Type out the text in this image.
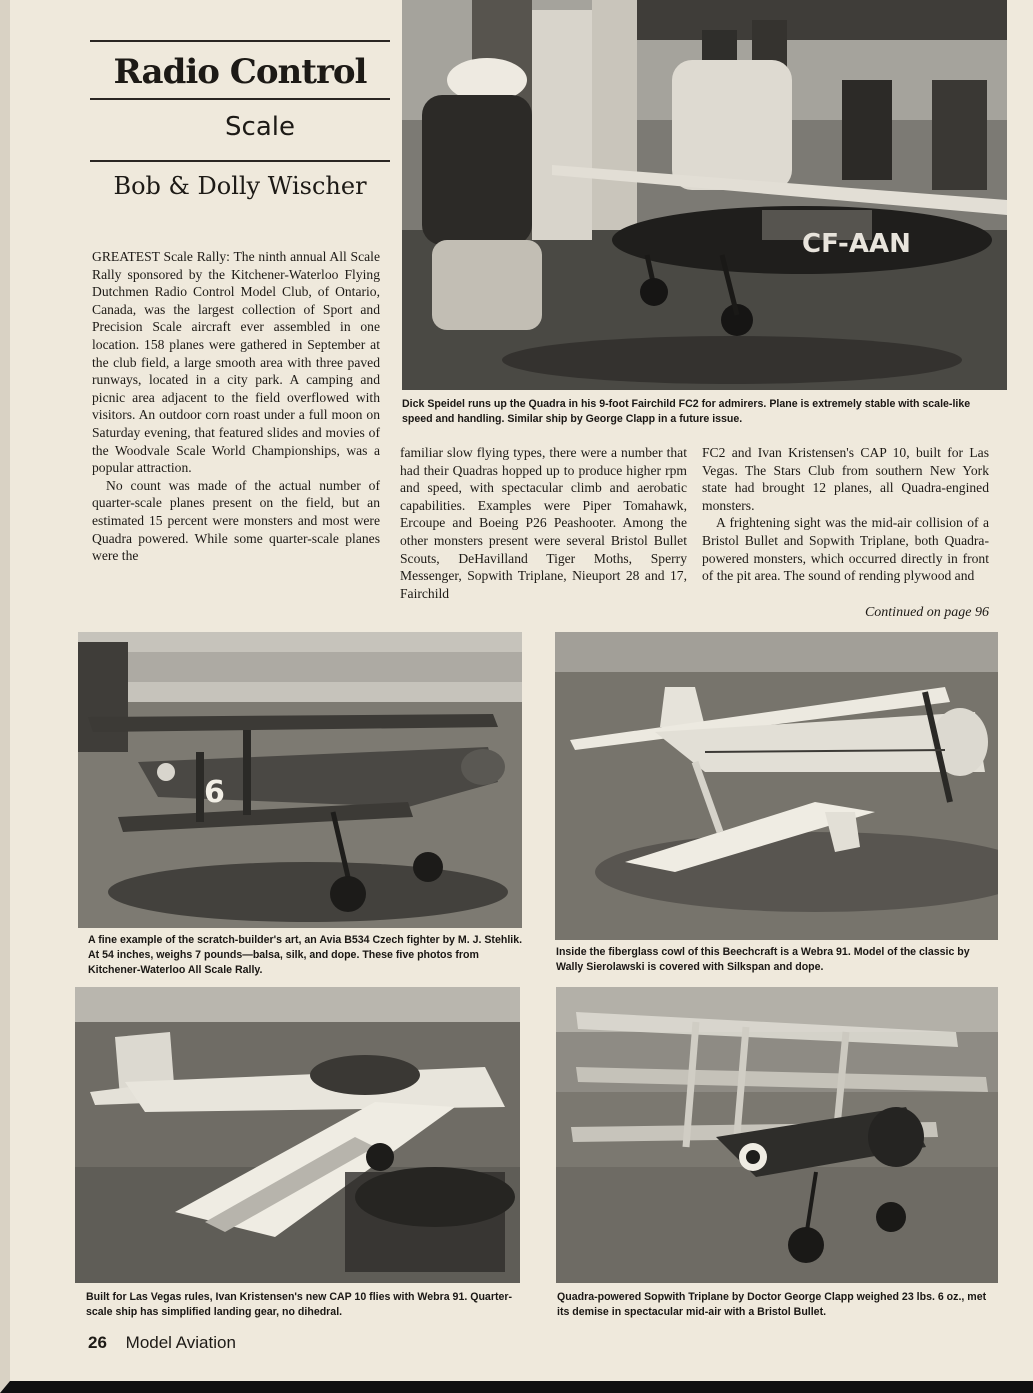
Radio Control
Scale
Bob & Dolly Wischer

GREATEST Scale Rally: The ninth annual All Scale Rally sponsored by the Kitchener-Waterloo Flying Dutchmen Radio Control Model Club, of Ontario, Canada, was the largest collection of Sport and Precision Scale aircraft ever assembled in one location. 158 planes were gathered in September at the club field, a large smooth area with three paved runways, located in a city park. A camping and picnic area adjacent to the field overflowed with visitors. An outdoor corn roast under a full moon on Saturday evening, that featured slides and movies of the Woodvale Scale World Championships, was a popular attraction.

No count was made of the actual number of quarter-scale planes present on the field, but an estimated 15 percent were monsters and most were Quadra powered. While some quarter-scale planes were the

familiar slow flying types, there were a number that had their Quadras hopped up to produce higher rpm and speed, with spectacular climb and aerobatic capabilities. Examples were Piper Tomahawk, Ercoupe and Boeing P26 Peashooter. Among the other monsters present were several Bristol Bullet Scouts, DeHavilland Tiger Moths, Sperry Messenger, Sopwith Triplane, Nieuport 28 and 17, Fairchild

FC2 and Ivan Kristensen's CAP 10, built for Las Vegas. The Stars Club from southern New York state had brought 12 planes, all Quadra-engined monsters.

A frightening sight was the mid-air collision of a Bristol Bullet and Sopwith Triplane, both Quadra-powered monsters, which occurred directly in front of the pit area. The sound of rending plywood and

Continued on page 96
CF-AAN
Dick Speidel runs up the Quadra in his 9-foot Fairchild FC2 for admirers. Plane is extremely stable with scale-like speed and handling. Similar ship by George Clapp in a future issue.
6
A fine example of the scratch-builder's art, an Avia B534 Czech fighter by M. J. Stehlik. At 54 inches, weighs 7 pounds—balsa, silk, and dope. These five photos from Kitchener-Waterloo All Scale Rally.
Inside the fiberglass cowl of this Beechcraft is a Webra 91. Model of the classic by Wally Sierolawski is covered with Silkspan and dope.
Built for Las Vegas rules, Ivan Kristensen's new CAP 10 flies with Webra 91. Quarter-scale ship has simplified landing gear, no dihedral.
Quadra-powered Sopwith Triplane by Doctor George Clapp weighed 23 lbs. 6 oz., met its demise in spectacular mid-air with a Bristol Bullet.
26 Model Aviation
